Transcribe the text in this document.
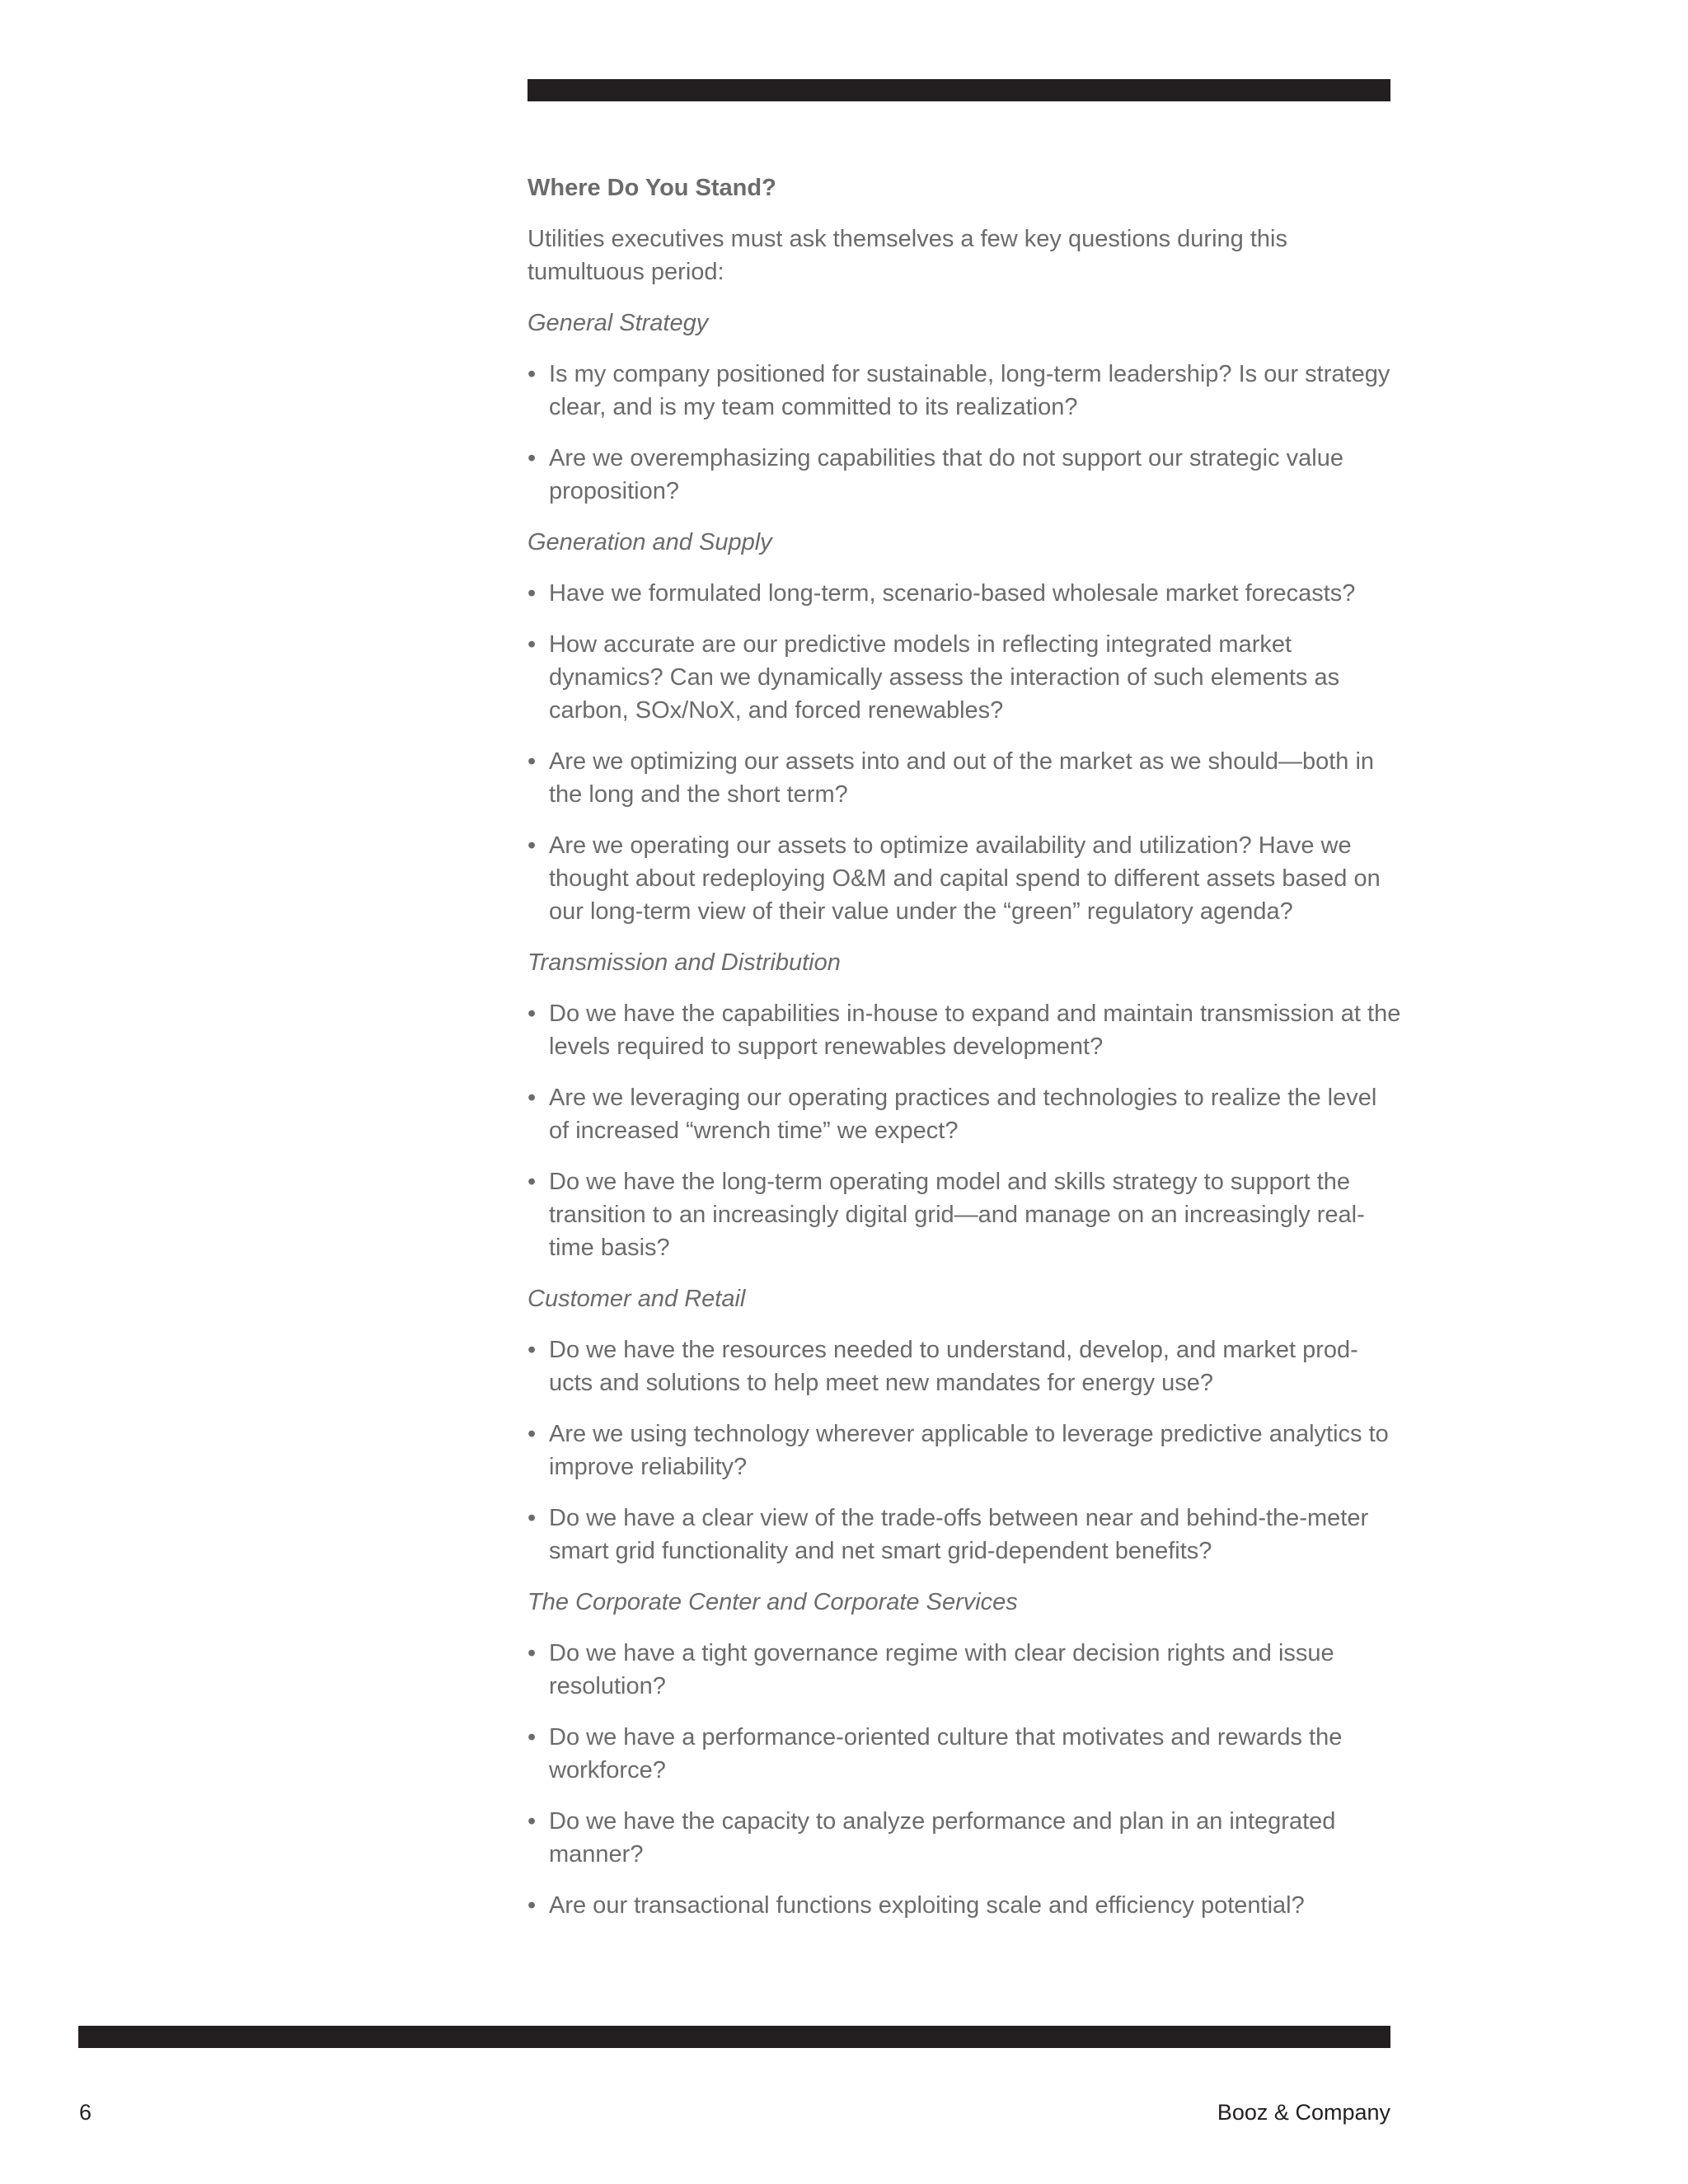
Where Do You Stand?

Utilities executives must ask themselves a few key questions during this tumultuous period:

General Strategy
• Is my company positioned for sustainable, long-term leadership? Is our strategy clear, and is my team committed to its realization?
• Are we overemphasizing capabilities that do not support our strategic value proposition?
Generation and Supply
• Have we formulated long-term, scenario-based wholesale market forecasts?
• How accurate are our predictive models in reflecting integrated market dynamics? Can we dynamically assess the interaction of such elements as carbon, SOx/NoX, and forced renewables?
• Are we optimizing our assets into and out of the market as we should—both in the long and the short term?
• Are we operating our assets to optimize availability and utilization? Have we thought about redeploying O&M and capital spend to different assets based on our long-term view of their value under the “green” regulatory agenda?
Transmission and Distribution
• Do we have the capabilities in-house to expand and maintain transmission at the levels required to support renewables development?
• Are we leveraging our operating practices and technologies to realize the level of increased “wrench time” we expect?
• Do we have the long-term operating model and skills strategy to support the transition to an increasingly digital grid—and manage on an increasingly real-time basis?
Customer and Retail
• Do we have the resources needed to understand, develop, and market prod-ucts and solutions to help meet new mandates for energy use?
• Are we using technology wherever applicable to leverage predictive analytics to improve reliability?
• Do we have a clear view of the trade-offs between near and behind-the-meter smart grid functionality and net smart grid-dependent benefits?
The Corporate Center and Corporate Services
• Do we have a tight governance regime with clear decision rights and issue resolution?
• Do we have a performance-oriented culture that motivates and rewards the workforce?
• Do we have the capacity to analyze performance and plan in an integrated manner?
• Are our transactional functions exploiting scale and efficiency potential?
6	Booz & Company
